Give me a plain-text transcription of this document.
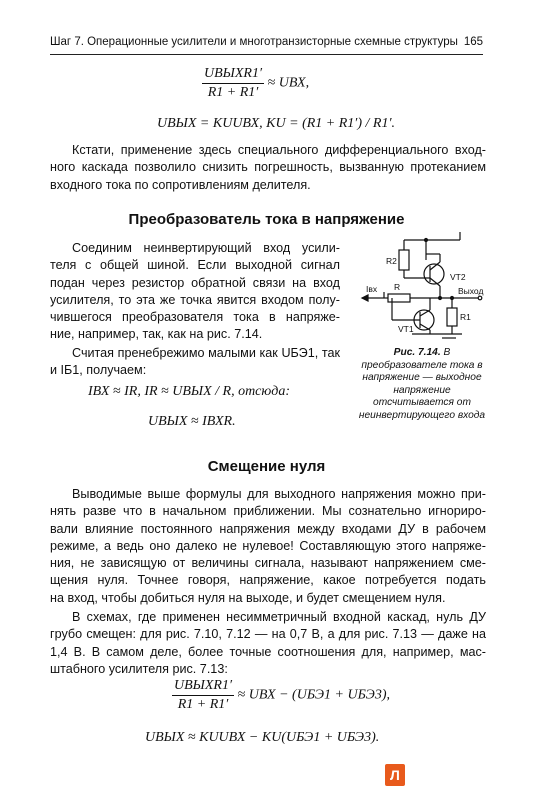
Шаг 7. Операционные усилители и многотранзисторные схемные структуры 165
$\frac{\text{UВЫХR1′}}{R1 + R1'}$ ≈ UВХ,
UВЫХ = KUUВХ, KU = (R1 + R1′) / R1′.
Кстати, применение здесь специального дифференциального вход-
ного каскада позволило снизить погрешность, вызванную протеканием
входного тока по сопротивлениям делителя.
Преобразователь тока в напряжение
Соединим неинвертирующий вход усили-
теля с общей шиной. Если выходной сигнал
подан через резистор обратной связи на вход
усилителя, то эта же точка явится входом полу-
чившегося преобразователя тока в напряже-
ние, например, так, как на рис. 7.14.
Считая пренебрежимо малыми как UБЭ1, так
и IБ1, получаем:
IВХ ≈ IR, IR ≈ UВЫХ / R, отсюда:
UВЫХ ≈ IВХR.
R2
VT2
R
Iвх	Выход
R1
VT1
Рис. 7.14. В преобразователе тока в напряжение — выходное напряжение отсчитывается от неинвертирующего входа
Смещение нуля
Выводимые выше формулы для выходного напряжения можно при-
нять разве что в начальном приближении. Мы сознательно игнориро-
вали влияние постоянного напряжения между входами ДУ в рабочем
режиме, а ведь оно далеко не нулевое! Составляющую этого напряже-
ния, не зависящую от величины сигнала, называют напряжением сме-
щения нуля. Точнее говоря, напряжение, какое потребуется подать
на вход, чтобы добиться нуля на выходе, и будет смещением нуля.
В схемах, где применен несимметричный входной каскад, нуль ДУ
грубо смещен: для рис. 7.10, 7.12 — на 0,7 В, а для рис. 7.13 — даже на
1,4 В. В самом деле, более точные соотношения для, например, мас-
штабного усилителя рис. 7.13:
$\frac{\text{UВЫХR1′}}{R1 + R1'}$ ≈ UВХ − (UБЭ1 + UБЭ3),
UВЫХ ≈ KUUВХ − KU(UБЭ1 + UБЭ3).
Л
